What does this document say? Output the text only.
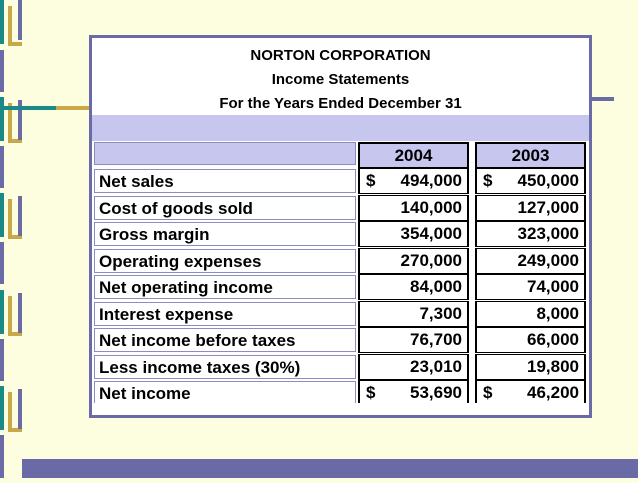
NORTON CORPORATION
Income Statements
For the Years Ended December 31
2004	2003
Net sales	$ 494,000 $ 450,000
Cost of goods sold	140,000	127,000
Gross margin	354,000	323,000
Operating expenses	270,000	249,000
Net operating income	84,000	74,000
Interest expense	7,300	8,000
Net income before taxes	76,700	66,000
Less income taxes (30%)	23,010	19,800
Net income	$ 53,690 $ 46,200
